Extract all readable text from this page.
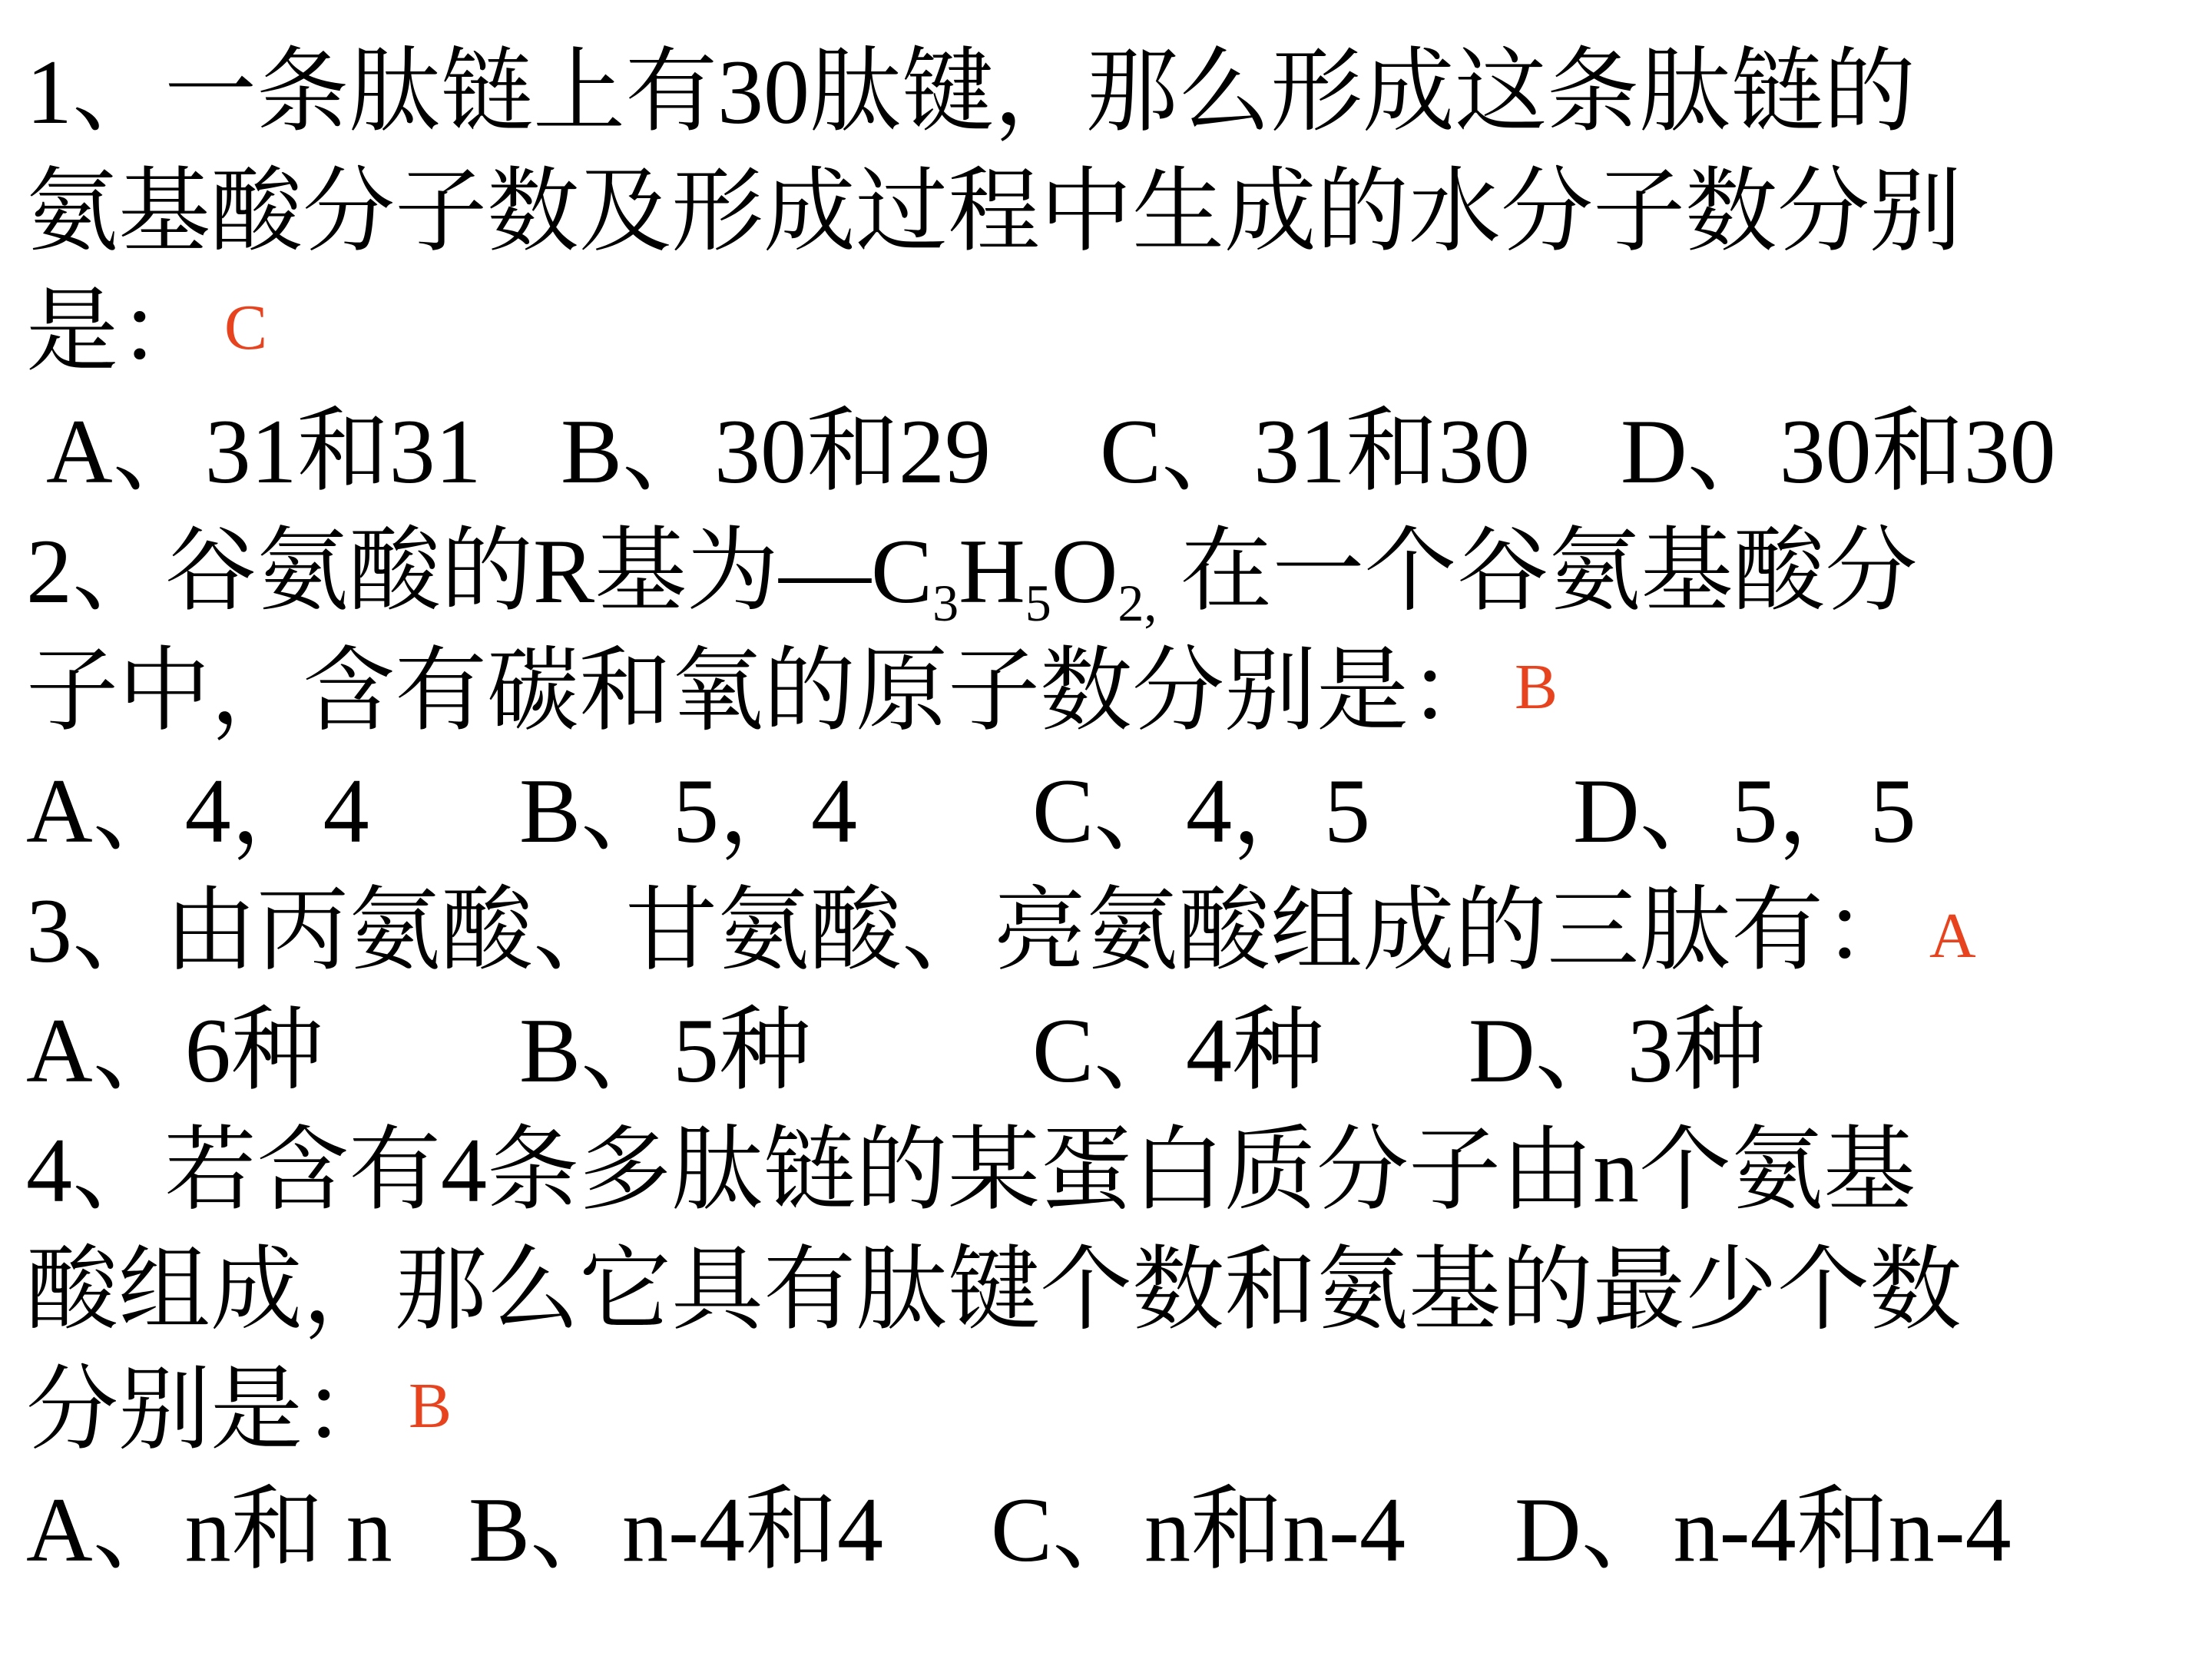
1、一条肽链上有30肽键，那么形成这条肽链的
氨基酸分子数及形成过程中生成的水分子数分别
是： C
A、31和31 B、30和29 C、31和30 D、30和30
2、谷氨酸的R基为$—C_3H_5O_{2,}$ 在一个谷氨基酸分
子中，含有碳和氧的原子数分别是： B
A、4，4 B、5，4 C、4，5 D、5，5
3、由丙氨酸、甘氨酸、亮氨酸组成的三肽有： A
A、6种 B、5种 C、4种 D、3种
4、若含有4条多肽链的某蛋白质分子由n个氨基
酸组成，那么它具有肽键个数和氨基的最少个数
分别是： B
A、n和 n B、n-4和4 C、n和n-4 D、n-4和n-4
